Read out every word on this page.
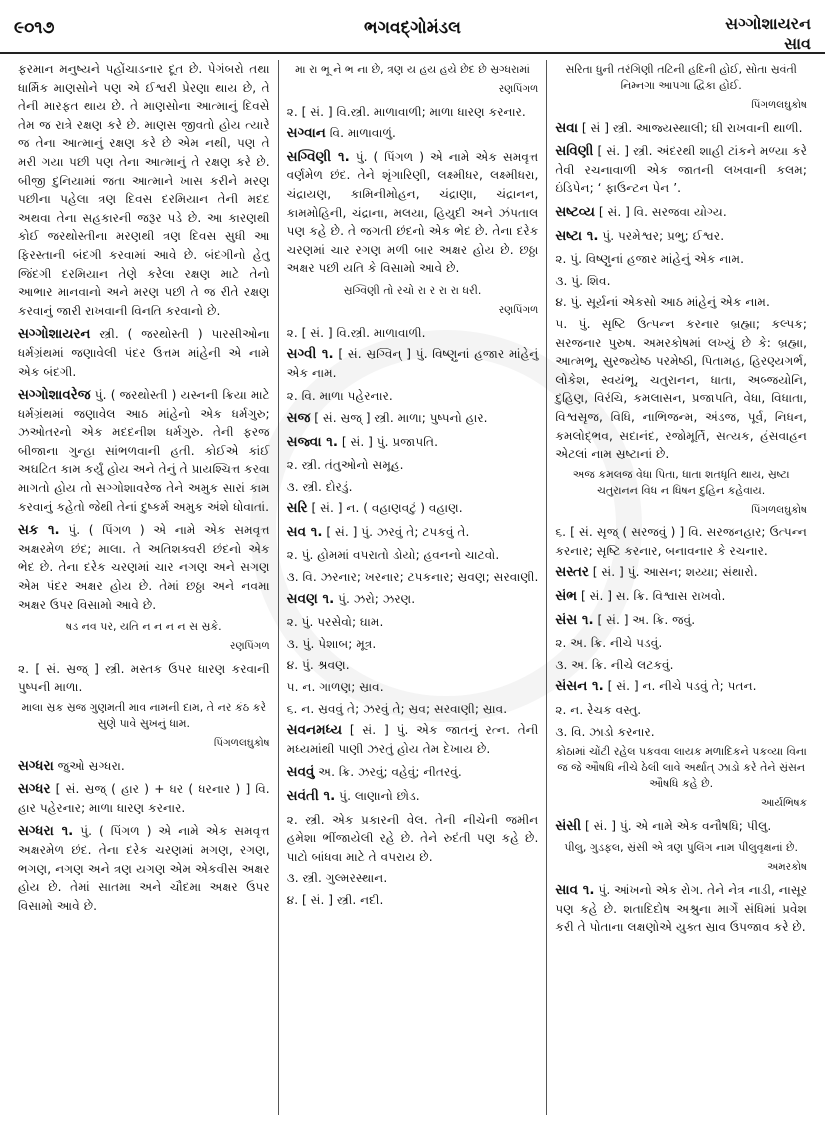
૯૦૧૭	ભગવદ્ગોમંડલ	સગ્ગોશાયરન
સાવ
ફરમાન મનુષ્યને પહોંચાડનાર દૂત છે. પેગંબરો તથા ધાર્મિક માણસોને પણ એ ઈશ્વરી પ્રેરણા થાય છે, તે તેની મારફત થાય છે. તે માણસોના આત્માનું દિવસે તેમ જ રાત્રે રક્ષણ કરે છે. માણસ જીવતો હોય ત્યારે જ તેના આત્માનું રક્ષણ કરે છે એમ નથી, પણ તે મરી ગયા પછી પણ તેના આત્માનું તે રક્ષણ કરે છે. બીજી દુનિયામાં જતા આત્માને ખાસ કરીને મરણ પછીના પહેલા ત્રણ દિવસ દરમિયાન તેની મદદ અથવા તેના સહકારની જરૂર પડે છે. આ કારણથી કોઈ જરથોસ્તીના મરણથી ત્રણ દિવસ સુધી આ ફિરસ્તાની બંદગી કરવામાં આવે છે. બંદગીનો હેતુ જિંદગી દરમિયાન તેણે કરેલા રક્ષણ માટે તેનો આભાર માનવાનો અને મરણ પછી તે જ રીતે રક્ષણ કરવાનું જારી રાખવાની વિનતિ કરવાનો છે.
સગ્ગોશાયરન સ્ત્રી. ( જરથોસ્તી ) પારસીઓના ધર્મગ્રંથમાં જણાવેલી પંદર ઉત્તમ માંહેની એ નામે એક બંદગી.
સગ્ગોશાવરેજ પું. ( જરથોસ્તી ) યસ્નની ક્રિયા માટે ધર્મગ્રંથમાં જણાવેલ આઠ માંહેનો એક ધર્મગુરુ; ઝઓતરનો એક મદદનીશ ધર્મગુરુ. તેની ફરજ બીજાના ગુન્હા સાંભળવાની હતી. કોઈએ કાંઈ અઘટિત કામ કર્યું હોય અને તેનું તે પ્રાયશ્ચિત્ત કરવા માગતો હોય તો સગ્ગોશાવરેજ તેને અમુક સારાં કામ કરવાનું કહેતો જેથી તેનાં દુષ્કર્મ અમુક અંશે ધોવાતાં.
સક ૧. પું. ( પિંગળ ) એ નામે એક સમવૃત્ત અક્ષરમેળ છંદ; માલા. તે અતિશક્વરી છંદનો એક ભેદ છે. તેના દરેક ચરણમાં ચાર નગણ અને સગણ એમ પંદર અક્ષર હોય છે. તેમાં છઠ્ઠા અને નવમા અક્ષર ઉપર વિસામો આવે છે.
ષડ નવ પર, યતિ ન ન ન ન સ સ્રકે.
રણપિંગળ
૨. [ સં. સ્રજ્ ] સ્ત્રી. મસ્તક ઉપર ધારણ કરવાની પુષ્પની માળા.
માલા સ્રક સ્રજ ગુણમતી માવ નામની દામ, તે નર કંઠ કરે સુણે પાવે સુખનું ધામ.
પિંગળલઘુકોષ
સગ્ધરા જુઓ સ્રગ્ધરા.
સગ્ધર [ સં. સ્રજ્ ( હાર ) + ધર ( ધરનાર ) ] વિ. હાર પહેરનાર; માળા ધારણ કરનાર.
સગ્ધરા ૧. પું. ( પિંગળ ) એ નામે એક સમવૃત્ત અક્ષરમેળ છંદ. તેના દરેક ચરણમાં મગણ, રગણ, ભગણ, નગણ અને ત્રણ યગણ એમ એકવીસ અક્ષર હોય છે. તેમાં સાતમા અને ચૌદમા અક્ષર ઉપર વિસામો આવે છે.
મા રા ભૂ ને ભ ના છે, ત્રણ ય હય હયે છેદ છે સ્રગ્ધરામાં
રણપિંગળ
૨. [ સં. ] વિ.સ્ત્રી. માળાવાળી; માળા ધારણ કરનાર.
સગ્વાન વિ. માળાવાળું.
સગ્વિણી ૧. પું. ( પિંગળ ) એ નામે એક સમવૃત્ત વર્ણમેળ છંદ. તેને શૃંગારિણી, લક્ષ્મીધર, લક્ષ્મીધરા, ચંદ્રાયણ, કામિનીમોહન, ચંદ્રાણા, ચંદ્રાનન, કામમોહિની, ચંદ્રાના, મલયા, હિયુદી અને ઝંપતાલ પણ કહે છે. તે જગતી છંદનો એક ભેદ છે. તેના દરેક ચરણમાં ચાર રગણ મળી બાર અક્ષર હોય છે. છઠ્ઠા અક્ષર પછી યતિ કે વિસામો આવે છે.
સ્રગ્વિણી તો રચો રા ર રા રા ધરી.
રણપિંગળ
૨. [ સં. ] વિ.સ્ત્રી. માળાવાળી.
સગ્વી ૧. [ સં. સ્રગ્વિન્ ] પું. વિષ્ણુનાં હજાર માંહેનું એક નામ.
૨. વિ. માળા પહેરનાર.
સજ [ સં. સ્રજ્ ] સ્ત્રી. માળા; પુષ્પનો હાર.
સજ્વા ૧. [ સં. ] પું. પ્રજાપતિ.
૨. સ્ત્રી. તંતુઓનો સમૂહ.
૩. સ્ત્રી. દોરડું.
સરિ [ સં. ] ન. ( વહાણવટું ) વહાણ.
સવ ૧. [ સં. ] પું. ઝરવું તે; ટપકવું તે.
૨. પું. હોમમાં વપરાતો ડોયો; હવનનો ચાટવો.
૩. વિ. ઝરનાર; ખરનાર; ટપકનાર; સ્રવણ; સરવાણી.
સવણ ૧. પું. ઝરો; ઝરણ.
૨. પું. પરસેવો; ઘામ.
૩. પું. પેશાબ; મૂત્ર.
૪. પું. શ્રવણ.
૫. ન. ગાળણ; સ્રાવ.
૬. ન. સ્રવવું તે; ઝરવું તે; સ્રવ; સરવાણી; સ્રાવ.
સવનમધ્ય [ સં. ] પું. એક જાતનું રત્ન. તેની મધ્યમાંથી પાણી ઝરતું હોય તેમ દેખાય છે.
સવવું અ. ક્રિ. ઝરવું; વહેવું; નીતરવું.
સવંતી ૧. પું. લાણાનો છોડ.
૨. સ્ત્રી. એક પ્રકારની વેલ. તેની નીચેની જમીન હમેશા ભીંજાયેલી રહે છે. તેને રુદંતી પણ કહે છે. પાટો બાંધવા માટે તે વપરાય છે.
૩. સ્ત્રી. ગુલ્મરસ્થાન.
૪. [ સં. ] સ્ત્રી. નદી.
સરિતા ધુની તરંગિણી તટિની હદિની હોઈ, સોતા સ્રવંતી નિમ્નગા આપગા દ્વિકા હોઈ.
પિંગળલઘુકોષ
સવા [ સં ] સ્ત્રી. આજ્યસ્થાલી; ઘી રાખવાની થાળી.
સવિણી [ સં. ] સ્ત્રી. અંદરથી શાહી ટાંકને મળ્યા કરે તેવી રચનાવાળી એક જાતની લખવાની કલમ; ઇંડિપેન; ‘ ફાઉન્ટન પેન ’.
સષ્ટવ્ય [ સં. ] વિ. સરજવા યોગ્ય.
સષ્ટા ૧. પું. પરમેશ્વર; પ્રભુ; ઈશ્વર.
૨. પું. વિષ્ણુનાં હજાર માંહેનું એક નામ.
૩. પું. શિવ.
૪. પું. સૂર્યનાં એકસો આઠ માંહેનું એક નામ.
૫. પું. સૃષ્ટિ ઉત્પન્ન કરનાર બ્રહ્મા; કલ્પક; સરજનાર પુરુષ. અમરકોષમાં લખ્યું છે કે: બ્રહ્મા, આત્મભૂ, સુરજ્યેષ્ઠ પરમેષ્ઠી, પિતામહ, હિરણ્યગર્ભ, લોકેશ, સ્વયંભૂ, ચતુરાનન, ધાતા, અબ્જયોનિ, દુહિણ, વિરંચિ, કમલાસન, પ્રજાપતિ, વેધા, વિધાતા, વિશ્વસૃજ, વિધિ, નાભિજન્મ, અંડજ, પૂર્વ, નિધન, કમલોદ્ભવ, સદાનંદ, રજોમૂર્તિ, સત્યક, હંસવાહન એટલાં નામ સ્રષ્ટાનાં છે.
અજ કમલજ વેધા પિતા, ધાતા શતધૃતિ થાય, સ્રષ્ટા ચતુરાનન વિધ ન ધિષન દુહિન કહેવાય.
પિંગળલઘુકોષ
૬. [ સં. સૃજ્ ( સરજવું ) ] વિ. સરજનહાર; ઉત્પન્ન કરનાર; સૃષ્ટિ કરનાર, બનાવનાર કે રચનાર.
સસ્તર [ સં. ] પું. આસન; શય્યા; સંથારો.
સંભ [ સં. ] સ. ક્રિ. વિશ્વાસ રાખવો.
સંસ ૧. [ સં. ] અ. ક્રિ. જવું.
૨. અ. ક્રિ. નીચે પડવું.
૩. અ. ક્રિ. નીચે લટકવું.
સંસન ૧. [ સં. ] ન. નીચે પડવું તે; પતન.
૨. ન. રેચક વસ્તુ.
૩. વિ. ઝાડો કરનાર.
કોઠામાં ચોંટી રહેલ પકવવા લાયક મળાદિકને પકવ્યા વિના જ જે ઔષધિ નીચે ઠેલી લાવે અર્થાત્ ઝાડો કરે તેને સ્રંસન ઔષધિ કહે છે.
આર્યભિષક
સંસી [ સં. ] પું. એ નામે એક વનૌષધિ; પીલુ.
પીલુ, ગુડફલ, સ્રંસી એ ત્રણ પુલિંગ નામ પીલુવૃક્ષનાં છે.
અમરકોષ
સાવ ૧. પું. આંખનો એક રોગ. તેને નેત્ર નાડી, નાસૂર પણ કહે છે. શતાદિદોષ અશ્રુના માર્ગે સંધિમાં પ્રવેશ કરી તે પોતાના લક્ષણોએ યુક્ત સ્રાવ ઉપજાવ કરે છે.
